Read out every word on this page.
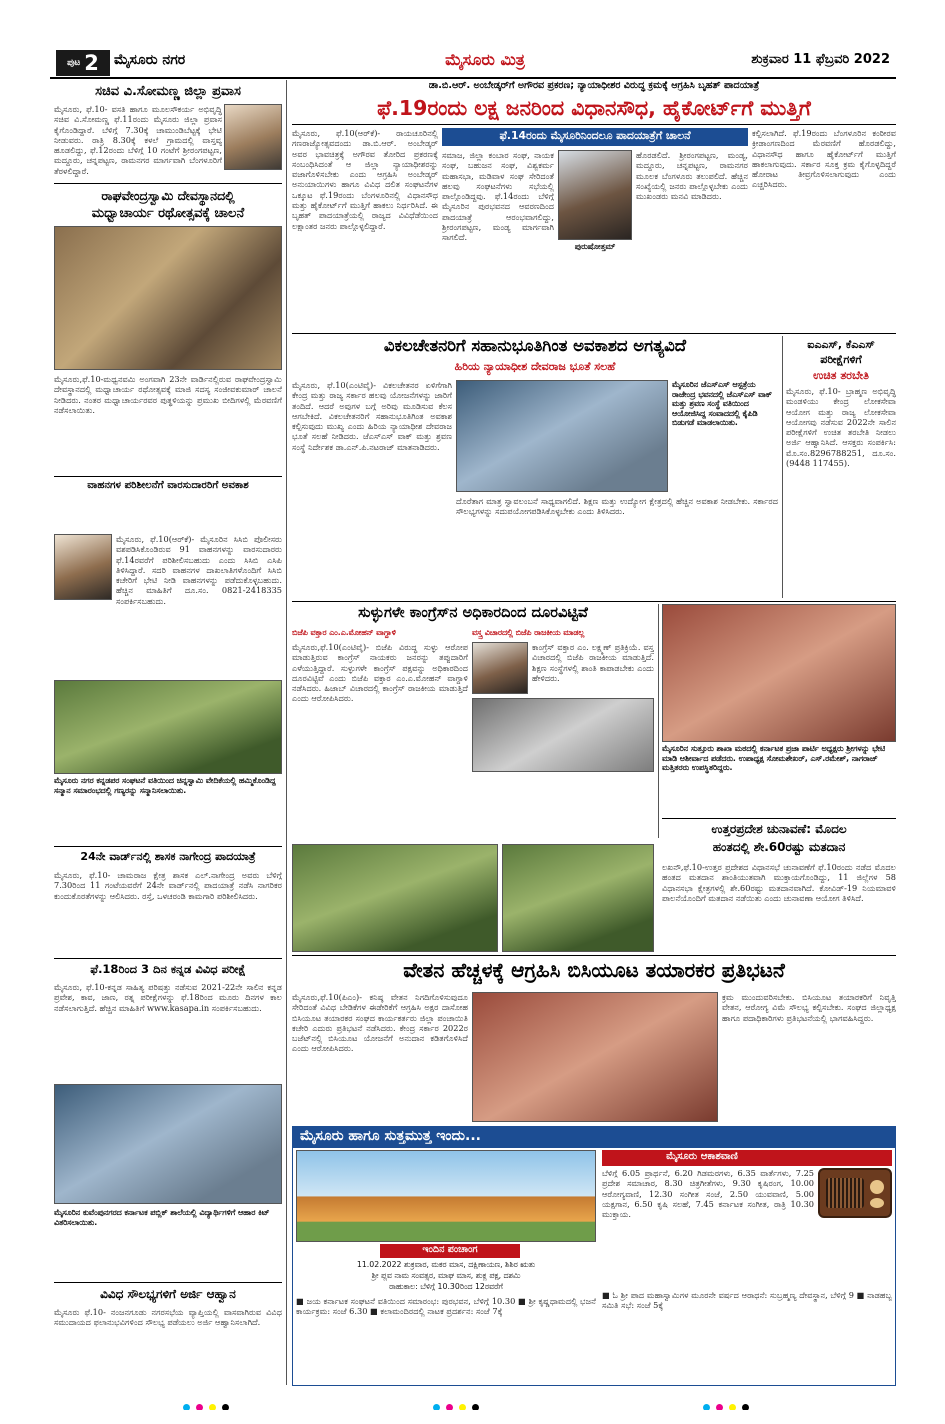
ಪುಟ 2 ಮೈಸೂರು ನಗರ	ಮೈಸೂರು ಮಿತ್ರ	ಶುಕ್ರವಾರ 11 ಫೆಬ್ರವರಿ 2022
ಸಚಿವ ವಿ.ಸೋಮಣ್ಣ ಜಿಲ್ಲಾ ಪ್ರವಾಸ
ಮೈಸೂರು, ಫೆ.10- ವಸತಿ ಹಾಗೂ ಮೂಲಸೌಕರ್ಯ ಅಭಿವೃದ್ಧಿ ಸಚಿವ ವಿ.ಸೋಮಣ್ಣ ಫೆ.11ರಂದು ಮೈಸೂರು ಜಿಲ್ಲಾ ಪ್ರವಾಸ ಕೈಗೊಂಡಿದ್ದಾರೆ. ಬೆಳಿಗ್ಗೆ 7.30ಕ್ಕೆ ಚಾಮುಂಡಿಬೆಟ್ಟಕ್ಕೆ ಭೇಟಿ ನೀಡುವರು. ರಾತ್ರಿ 8.30ಕ್ಕೆ ಕಳಲೆ ಗ್ರಾಮದಲ್ಲಿ ವಾಸ್ತವ್ಯ ಹೂಡಲಿದ್ದು, ಫೆ.12ರಂದು ಬೆಳಿಗ್ಗೆ 10 ಗಂಟೆಗೆ ಶ್ರೀರಂಗಪಟ್ಟಣ, ಮದ್ದೂರು, ಚನ್ನಪಟ್ಟಣ, ರಾಮನಗರ ಮಾರ್ಗವಾಗಿ ಬೆಂಗಳೂರಿಗೆ ತೆರಳಲಿದ್ದಾರೆ.
ರಾಘವೇಂದ್ರಸ್ವಾಮಿ ದೇವಸ್ಥಾನದಲ್ಲಿ
ಮಧ್ವಾಚಾರ್ಯ ರಥೋತ್ಸವಕ್ಕೆ ಚಾಲನೆ
ಮೈಸೂರು,ಫೆ.10-ಮಧ್ವನವಮಿ ಅಂಗವಾಗಿ 23ನೇ ವಾರ್ಡಿನಲ್ಲಿರುವ ರಾಘವೇಂದ್ರಸ್ವಾಮಿ ದೇವಸ್ಥಾನದಲ್ಲಿ ಮಧ್ವಾಚಾರ್ಯ ರಥೋತ್ಸವಕ್ಕೆ ಮಾಜಿ ಸದಸ್ಯ ಸಂಜೀವಕುಮಾರ್ ಚಾಲನೆ ನೀಡಿದರು. ನಂತರ ಮಧ್ವಾಚಾರ್ಯರವರ ಪುತ್ಥಳಿಯನ್ನು ಪ್ರಮುಖ ಬೀದಿಗಳಲ್ಲಿ ಮೆರವಣಿಗೆ ನಡೆಸಲಾಯಿತು.
ವಾಹನಗಳ ಪರಿಶೀಲನೆಗೆ ವಾರಸುದಾರರಿಗೆ ಅವಕಾಶ
ಮೈಸೂರು, ಫೆ.10(ಆರ್‌ಕೆ)- ಮೈಸೂರಿನ ಸಿಸಿಬಿ ಪೊಲೀಸರು ವಶಪಡಿಸಿಕೊಂಡಿರುವ 91 ವಾಹನಗಳನ್ನು ವಾರಸುದಾರರು ಫೆ.14ರವರೆಗೆ ಪರಿಶೀಲಿಸಬಹುದು ಎಂದು ಸಿಸಿಬಿ ಎಸಿಪಿ ತಿಳಿಸಿದ್ದಾರೆ. ಸದರಿ ವಾಹನಗಳ ದಾಖಲಾತಿಗಳೊಂದಿಗೆ ಸಿಸಿಬಿ ಕಚೇರಿಗೆ ಭೇಟಿ ನೀಡಿ ವಾಹನಗಳನ್ನು ಪಡೆದುಕೊಳ್ಳಬಹುದು. ಹೆಚ್ಚಿನ ಮಾಹಿತಿಗೆ ದೂ.ಸಂ. 0821-2418335 ಸಂಪರ್ಕಿಸಬಹುದು.
ಮೈಸೂರು ನಗರ ಕನ್ನಡಪರ ಸಂಘಟನೆ ವತಿಯಿಂದ ಚಿನ್ನಸ್ವಾಮಿ ವೇದಿಕೆಯಲ್ಲಿ ಹಮ್ಮಿಕೊಂಡಿದ್ದ ಸನ್ಮಾನ ಸಮಾರಂಭದಲ್ಲಿ ಗಣ್ಯರನ್ನು ಸನ್ಮಾನಿಸಲಾಯಿತು.
24ನೇ ವಾರ್ಡ್‌ನಲ್ಲಿ ಶಾಸಕ ನಾಗೇಂದ್ರ ಪಾದಯಾತ್ರೆ
ಮೈಸೂರು, ಫೆ.10- ಚಾಮರಾಜ ಕ್ಷೇತ್ರ ಶಾಸಕ ಎಲ್.ನಾಗೇಂದ್ರ ಅವರು ಬೆಳಿಗ್ಗೆ 7.30ರಿಂದ 11 ಗಂಟೆಯವರೆಗೆ 24ನೇ ವಾರ್ಡ್‌ನಲ್ಲಿ ಪಾದಯಾತ್ರೆ ನಡೆಸಿ ನಾಗರಿಕರ ಕುಂದುಕೊರತೆಗಳನ್ನು ಆಲಿಸಿದರು. ರಸ್ತೆ, ಒಳಚರಂಡಿ ಕಾಮಗಾರಿ ಪರಿಶೀಲಿಸಿದರು.
ಫೆ.18ರಿಂದ 3 ದಿನ ಕನ್ನಡ ವಿವಿಧ ಪರೀಕ್ಷೆ
ಮೈಸೂರು, ಫೆ.10-ಕನ್ನಡ ಸಾಹಿತ್ಯ ಪರಿಷತ್ತು ನಡೆಸುವ 2021-22ನೇ ಸಾಲಿನ ಕನ್ನಡ ಪ್ರವೇಶ, ಕಾವ, ಜಾಣ, ರತ್ನ ಪರೀಕ್ಷೆಗಳನ್ನು ಫೆ.18ರಿಂದ ಮೂರು ದಿನಗಳ ಕಾಲ ನಡೆಸಲಾಗುತ್ತಿದೆ. ಹೆಚ್ಚಿನ ಮಾಹಿತಿಗೆ www.kasapa.in ಸಂಪರ್ಕಿಸಬಹುದು.
ಮೈಸೂರಿನ ಕುವೆಂಪುನಗರದ ಕರ್ನಾಟಕ ಪಬ್ಲಿಕ್ ಶಾಲೆಯಲ್ಲಿ ವಿದ್ಯಾರ್ಥಿಗಳಿಗೆ ಆಹಾರ ಕಿಟ್ ವಿತರಿಸಲಾಯಿತು.
ವಿವಿಧ ಸೌಲಭ್ಯಗಳಿಗೆ ಅರ್ಜಿ ಆಹ್ವಾನ
ಮೈಸೂರು ಫೆ.10- ನಂಜನಗೂಡು ನಗರಸಭೆಯ ವ್ಯಾಪ್ತಿಯಲ್ಲಿ ವಾಸವಾಗಿರುವ ವಿವಿಧ ಸಮುದಾಯದ ಫಲಾನುಭವಿಗಳಿಂದ ಸೌಲಭ್ಯ ಪಡೆಯಲು ಅರ್ಜಿ ಆಹ್ವಾನಿಸಲಾಗಿದೆ.
ಡಾ.ಬಿ.ಆರ್. ಅಂಬೇಡ್ಕರ್‌ಗೆ ಅಗೌರವ ಪ್ರಕರಣ; ನ್ಯಾಯಾಧೀಶರ ವಿರುದ್ಧ ಕ್ರಮಕ್ಕೆ ಆಗ್ರಹಿಸಿ ಬೃಹತ್ ಪಾದಯಾತ್ರೆ
ಫೆ.19ರಂದು ಲಕ್ಷ ಜನರಿಂದ ವಿಧಾನಸೌಧ, ಹೈಕೋರ್ಟ್‌ಗೆ ಮುತ್ತಿಗೆ
ಮೈಸೂರು, ಫೆ.10(ಆರ್‌ಕೆ)- ರಾಯಚೂರಿನಲ್ಲಿ ಗಣರಾಜ್ಯೋತ್ಸವದಂದು ಡಾ.ಬಿ.ಆರ್. ಅಂಬೇಡ್ಕರ್ ಅವರ ಭಾವಚಿತ್ರಕ್ಕೆ ಅಗೌರವ ತೋರಿದ ಪ್ರಕರಣಕ್ಕೆ ಸಂಬಂಧಿಸಿದಂತೆ ಆ ಜಿಲ್ಲಾ ನ್ಯಾಯಾಧೀಶರನ್ನು ವಜಾಗೊಳಿಸಬೇಕು ಎಂದು ಆಗ್ರಹಿಸಿ ಅಂಬೇಡ್ಕರ್ ಅನುಯಾಯಿಗಳು ಹಾಗೂ ವಿವಿಧ ದಲಿತ ಸಂಘಟನೆಗಳ ಒಕ್ಕೂಟ ಫೆ.19ರಂದು ಬೆಂಗಳೂರಿನಲ್ಲಿ ವಿಧಾನಸೌಧ ಮತ್ತು ಹೈಕೋರ್ಟ್‌ಗೆ ಮುತ್ತಿಗೆ ಹಾಕಲು ನಿರ್ಧರಿಸಿದೆ. ಈ ಬೃಹತ್ ಪಾದಯಾತ್ರೆಯಲ್ಲಿ ರಾಜ್ಯದ ವಿವಿಧೆಡೆಯಿಂದ ಲಕ್ಷಾಂತರ ಜನರು ಪಾಲ್ಗೊಳ್ಳಲಿದ್ದಾರೆ.
ಫೆ.14ರಂದು ಮೈಸೂರಿನಿಂದಲೂ ಪಾದಯಾತ್ರೆಗೆ ಚಾಲನೆ
ಸಮಾಜ, ಜಿಲ್ಲಾ ಕಂಬಾರ ಸಂಘ, ನಾಯಕ ಸಂಘ, ಬಹುಜನ ಸಂಘ, ವಿಶ್ವಕರ್ಮ ಮಹಾಸಭಾ, ಮಡಿವಾಳ ಸಂಘ ಸೇರಿದಂತೆ ಹಲವು ಸಂಘಟನೆಗಳು ಸಭೆಯಲ್ಲಿ ಪಾಲ್ಗೊಂಡಿದ್ದವು. ಫೆ.14ರಂದು ಬೆಳಿಗ್ಗೆ ಮೈಸೂರಿನ ಪುರಭವನದ ಆವರಣದಿಂದ ಪಾದಯಾತ್ರೆ ಆರಂಭವಾಗಲಿದ್ದು, ಶ್ರೀರಂಗಪಟ್ಟಣ, ಮಂಡ್ಯ ಮಾರ್ಗವಾಗಿ ಸಾಗಲಿದೆ.
ಪುರುಷೋತ್ತಮ್
ಹೊರಡಲಿದೆ. ಶ್ರೀರಂಗಪಟ್ಟಣ, ಮಂಡ್ಯ, ಮದ್ದೂರು, ಚನ್ನಪಟ್ಟಣ, ರಾಮನಗರ ಮೂಲಕ ಬೆಂಗಳೂರು ತಲುಪಲಿದೆ. ಹೆಚ್ಚಿನ ಸಂಖ್ಯೆಯಲ್ಲಿ ಜನರು ಪಾಲ್ಗೊಳ್ಳಬೇಕು ಎಂದು ಮುಖಂಡರು ಮನವಿ ಮಾಡಿದರು.
ಕಲ್ಪಿಸಲಾಗಿದೆ. ಫೆ.19ರಂದು ಬೆಂಗಳೂರಿನ ಕಂಠೀರವ ಕ್ರೀಡಾಂಗಣದಿಂದ ಮೆರವಣಿಗೆ ಹೊರಡಲಿದ್ದು, ವಿಧಾನಸೌಧ ಹಾಗೂ ಹೈಕೋರ್ಟ್‌ಗೆ ಮುತ್ತಿಗೆ ಹಾಕಲಾಗುವುದು. ಸರ್ಕಾರ ಸೂಕ್ತ ಕ್ರಮ ಕೈಗೊಳ್ಳದಿದ್ದರೆ ಹೋರಾಟ ತೀವ್ರಗೊಳಿಸಲಾಗುವುದು ಎಂದು ಎಚ್ಚರಿಸಿದರು.
ವಿಕಲಚೇತನರಿಗೆ ಸಹಾನುಭೂತಿಗಿಂತ ಅವಕಾಶದ ಅಗತ್ಯವಿದೆ
ಹಿರಿಯ ನ್ಯಾಯಾಧೀಶ ದೇವರಾಜ ಭೂತೆ ಸಲಹೆ
ಮೈಸೂರು, ಫೆ.10(ಎಂಟಿವೈ)- ವಿಕಲಚೇತನರ ಏಳಿಗೆಗಾಗಿ ಕೇಂದ್ರ ಮತ್ತು ರಾಜ್ಯ ಸರ್ಕಾರ ಹಲವು ಯೋಜನೆಗಳನ್ನು ಜಾರಿಗೆ ತಂದಿದೆ. ಆದರೆ ಅವುಗಳ ಬಗ್ಗೆ ಅರಿವು ಮೂಡಿಸುವ ಕೆಲಸ ಆಗಬೇಕಿದೆ. ವಿಕಲಚೇತನರಿಗೆ ಸಹಾನುಭೂತಿಗಿಂತ ಅವಕಾಶ ಕಲ್ಪಿಸುವುದು ಮುಖ್ಯ ಎಂದು ಹಿರಿಯ ನ್ಯಾಯಾಧೀಶ ದೇವರಾಜ ಭೂತೆ ಸಲಹೆ ನೀಡಿದರು. ಜೆಎಸ್‌ಎಸ್ ವಾಕ್ ಮತ್ತು ಶ್ರವಣ ಸಂಸ್ಥೆ ನಿರ್ದೇಶಕ ಡಾ.ಎನ್.ಪಿ.ನಟರಾಜ್ ಮಾತನಾಡಿದರು.
ಮೈಸೂರಿನ ಜೆಎಸ್‌ಎಸ್ ಆಸ್ಪತ್ರೆಯ ರಾಜೇಂದ್ರ ಭವನದಲ್ಲಿ ಜೆಎಸ್‌ಎಸ್ ವಾಕ್ ಮತ್ತು ಶ್ರವಣ ಸಂಸ್ಥೆ ವತಿಯಿಂದ ಆಯೋಜಿಸಿದ್ದ ಸಂವಾದದಲ್ಲಿ ಕೈಪಿಡಿ ಬಿಡುಗಡೆ ಮಾಡಲಾಯಿತು.
ದೊರೆತಾಗ ಮಾತ್ರ ಸ್ವಾವಲಂಬನೆ ಸಾಧ್ಯವಾಗಲಿದೆ. ಶಿಕ್ಷಣ ಮತ್ತು ಉದ್ಯೋಗ ಕ್ಷೇತ್ರದಲ್ಲಿ ಹೆಚ್ಚಿನ ಅವಕಾಶ ನೀಡಬೇಕು. ಸರ್ಕಾರದ ಸೌಲಭ್ಯಗಳನ್ನು ಸದುಪಯೋಗಪಡಿಸಿಕೊಳ್ಳಬೇಕು ಎಂದು ತಿಳಿಸಿದರು.
ಐಎಎಸ್, ಕೆಎಎಸ್
ಪರೀಕ್ಷೆಗಳಿಗೆ
ಉಚಿತ ತರಬೇತಿ
ಮೈಸೂರು, ಫೆ.10- ಬ್ರಾಹ್ಮಣ ಅಭಿವೃದ್ಧಿ ಮಂಡಳಿಯು ಕೇಂದ್ರ ಲೋಕಸೇವಾ ಆಯೋಗ ಮತ್ತು ರಾಜ್ಯ ಲೋಕಸೇವಾ ಆಯೋಗವು ನಡೆಸುವ 2022ನೇ ಸಾಲಿನ ಪರೀಕ್ಷೆಗಳಿಗೆ ಉಚಿತ ತರಬೇತಿ ನೀಡಲು ಅರ್ಜಿ ಆಹ್ವಾನಿಸಿದೆ. ಆಸಕ್ತರು ಸಂಪರ್ಕಿಸಿ: ಮೊ.ಸಂ.8296788251, ದೂ.ಸಂ. (9448 117455).
ಸುಳ್ಳುಗಳೇ ಕಾಂಗ್ರೆಸ್‌ನ ಅಧಿಕಾರದಿಂದ ದೂರವಿಟ್ಟಿವೆ
ಬಿಜೆಪಿ ವಕ್ತಾರ ಎಂ.ಎ.ಮೋಹನ್ ವಾಗ್ದಾಳಿ	ವಸ್ತ್ರ ವಿಚಾರದಲ್ಲಿ ಬಿಜೆಪಿ ರಾಜಕೀಯ ಮಾಡಲ್ಲ
ಮೈಸೂರು,ಫೆ.10(ಎಂಟಿವೈ)- ಬಿಜೆಪಿ ವಿರುದ್ಧ ಸುಳ್ಳು ಆರೋಪ ಮಾಡುತ್ತಿರುವ ಕಾಂಗ್ರೆಸ್ ನಾಯಕರು ಜನರನ್ನು ತಪ್ಪುದಾರಿಗೆ ಎಳೆಯುತ್ತಿದ್ದಾರೆ. ಸುಳ್ಳುಗಳೇ ಕಾಂಗ್ರೆಸ್ ಪಕ್ಷವನ್ನು ಅಧಿಕಾರದಿಂದ ದೂರವಿಟ್ಟಿವೆ ಎಂದು ಬಿಜೆಪಿ ವಕ್ತಾರ ಎಂ.ಎ.ಮೋಹನ್ ವಾಗ್ದಾಳಿ ನಡೆಸಿದರು. ಹಿಜಾಬ್ ವಿಚಾರದಲ್ಲಿ ಕಾಂಗ್ರೆಸ್ ರಾಜಕೀಯ ಮಾಡುತ್ತಿದೆ ಎಂದು ಆರೋಪಿಸಿದರು.
ಕಾಂಗ್ರೆಸ್ ವಕ್ತಾರ ಎಂ. ಲಕ್ಷ್ಮಣ್ ಪ್ರತಿಕ್ರಿಯೆ. ವಸ್ತ್ರ ವಿಚಾರದಲ್ಲಿ ಬಿಜೆಪಿ ರಾಜಕೀಯ ಮಾಡುತ್ತಿದೆ. ಶಿಕ್ಷಣ ಸಂಸ್ಥೆಗಳಲ್ಲಿ ಶಾಂತಿ ಕಾಪಾಡಬೇಕು ಎಂದು ಹೇಳಿದರು.
ಮೈಸೂರಿನ ಸುತ್ತೂರು ಶಾಖಾ ಮಠದಲ್ಲಿ ಕರ್ನಾಟಕ ಪ್ರಜಾ ಪಾರ್ಟಿ ಅಧ್ಯಕ್ಷರು ಶ್ರೀಗಳನ್ನು ಭೇಟಿ ಮಾಡಿ ಆಶೀರ್ವಾದ ಪಡೆದರು. ಉಪಾಧ್ಯಕ್ಷ ಸೋಮಶೇಖರ್, ಎಸ್.ರಮೇಶ್, ನಾಗರಾಜ್ ಮತ್ತಿತರರು ಉಪಸ್ಥಿತರಿದ್ದರು.
ಉತ್ತರಪ್ರದೇಶ ಚುನಾವಣೆ: ಮೊದಲ
ಹಂತದಲ್ಲಿ ಶೇ.60ರಷ್ಟು ಮತದಾನ
ಲಖನೌ,ಫೆ.10-ಉತ್ತರ ಪ್ರದೇಶದ ವಿಧಾನಸಭೆ ಚುನಾವಣೆಗೆ ಫೆ.10ರಂದು ನಡೆದ ಮೊದಲ ಹಂತದ ಮತದಾನ ಶಾಂತಿಯುತವಾಗಿ ಮುಕ್ತಾಯಗೊಂಡಿದ್ದು, 11 ಜಿಲ್ಲೆಗಳ 58 ವಿಧಾನಸಭಾ ಕ್ಷೇತ್ರಗಳಲ್ಲಿ ಶೇ.60ರಷ್ಟು ಮತದಾನವಾಗಿದೆ. ಕೋವಿಡ್-19 ನಿಯಮಾವಳಿ ಪಾಲನೆಯೊಂದಿಗೆ ಮತದಾನ ನಡೆಯಿತು ಎಂದು ಚುನಾವಣಾ ಆಯೋಗ ತಿಳಿಸಿದೆ.
ವೇತನ ಹೆಚ್ಚಳಕ್ಕೆ ಆಗ್ರಹಿಸಿ ಬಿಸಿಯೂಟ ತಯಾರಕರ ಪ್ರತಿಭಟನೆ
ಮೈಸೂರು,ಫೆ.10(ಪಿಎಂ)- ಕನಿಷ್ಠ ವೇತನ ನಿಗದಿಗೊಳಿಸುವುದೂ ಸೇರಿದಂತೆ ವಿವಿಧ ಬೇಡಿಕೆಗಳ ಈಡೇರಿಕೆಗೆ ಆಗ್ರಹಿಸಿ ಅಕ್ಷರ ದಾಸೋಹ ಬಿಸಿಯೂಟ ತಯಾರಕರ ಸಂಘದ ಕಾರ್ಯಕರ್ತರು ಜಿಲ್ಲಾ ಪಂಚಾಯಿತಿ ಕಚೇರಿ ಎದುರು ಪ್ರತಿಭಟನೆ ನಡೆಸಿದರು. ಕೇಂದ್ರ ಸರ್ಕಾರ 2022ರ ಬಜೆಟ್‌ನಲ್ಲಿ ಬಿಸಿಯೂಟ ಯೋಜನೆಗೆ ಅನುದಾನ ಕಡಿತಗೊಳಿಸಿದೆ ಎಂದು ಆರೋಪಿಸಿದರು.
ಕ್ರಮ ಮುಂದುವರಿಸಬೇಕು. ಬಿಸಿಯೂಟ ತಯಾರಕರಿಗೆ ನಿವೃತ್ತಿ ವೇತನ, ಆರೋಗ್ಯ ವಿಮೆ ಸೌಲಭ್ಯ ಕಲ್ಪಿಸಬೇಕು. ಸಂಘದ ಜಿಲ್ಲಾಧ್ಯಕ್ಷ ಹಾಗೂ ಪದಾಧಿಕಾರಿಗಳು ಪ್ರತಿಭಟನೆಯಲ್ಲಿ ಭಾಗವಹಿಸಿದ್ದರು.
ಮೈಸೂರು ಹಾಗೂ ಸುತ್ತಮುತ್ತ ಇಂದು...
ಇಂದಿನ ಪಂಚಾಂಗ
11.02.2022 ಶುಕ್ರವಾರ, ಮಕರ ಮಾಸ, ದಕ್ಷಿಣಾಯಣ, ಶಿಶಿರ ಋತು
ಶ್ರೀ ಪ್ಲವ ನಾಮ ಸಂವತ್ಸರ, ಮಾಘ ಮಾಸ, ಶುಕ್ಲ ಪಕ್ಷ, ದಶಮಿ
ರಾಹುಕಾಲ: ಬೆಳಿಗ್ಗೆ 10.30ರಿಂದ 12ರವರೆಗೆ
■ ಜಯ ಕರ್ನಾಟಕ ಸಂಘಟನೆ ವತಿಯಿಂದ ಸಮಾರಂಭ: ಪುರಭವನ, ಬೆಳಿಗ್ಗೆ 10.30 ■ ಶ್ರೀ ಕೃಷ್ಣಧಾಮದಲ್ಲಿ ಭಜನೆ ಕಾರ್ಯಕ್ರಮ: ಸಂಜೆ 6.30 ■ ಕಲಾಮಂದಿರದಲ್ಲಿ ನಾಟಕ ಪ್ರದರ್ಶನ: ಸಂಜೆ 7ಕ್ಕೆ
ಮೈಸೂರು ಆಕಾಶವಾಣಿ
ಬೆಳಿಗ್ಗೆ 6.05 ಪ್ರಾರ್ಥನೆ, 6.20 ಗಿಡಮರಗಳು, 6.35 ವಾರ್ತೆಗಳು, 7.25 ಪ್ರದೇಶ ಸಮಾಚಾರ, 8.30 ಚಿತ್ರಗೀತೆಗಳು, 9.30 ಕೃಷಿರಂಗ, 10.00 ಆರೋಗ್ಯವಾಣಿ, 12.30 ಸಂಗೀತ ಸಂಜೆ, 2.50 ಯುವವಾಣಿ, 5.00 ಯಕ್ಷಗಾನ, 6.50 ಕೃಷಿ ಸಲಹೆ, 7.45 ಕರ್ನಾಟಕ ಸಂಗೀತ, ರಾತ್ರಿ 10.30 ಮುಕ್ತಾಯ.
■ ಓ ಶ್ರೀ ಪಾದ ಮಹಾಸ್ವಾಮಿಗಳ ಮೂರನೇ ವರ್ಷದ ಆರಾಧನೆ: ಸುಬ್ರಹ್ಮಣ್ಯ ದೇವಸ್ಥಾನ, ಬೆಳಿಗ್ಗೆ 9 ■ ನಾಡಹಬ್ಬ ಸಮಿತಿ ಸಭೆ: ಸಂಜೆ 5ಕ್ಕೆ
